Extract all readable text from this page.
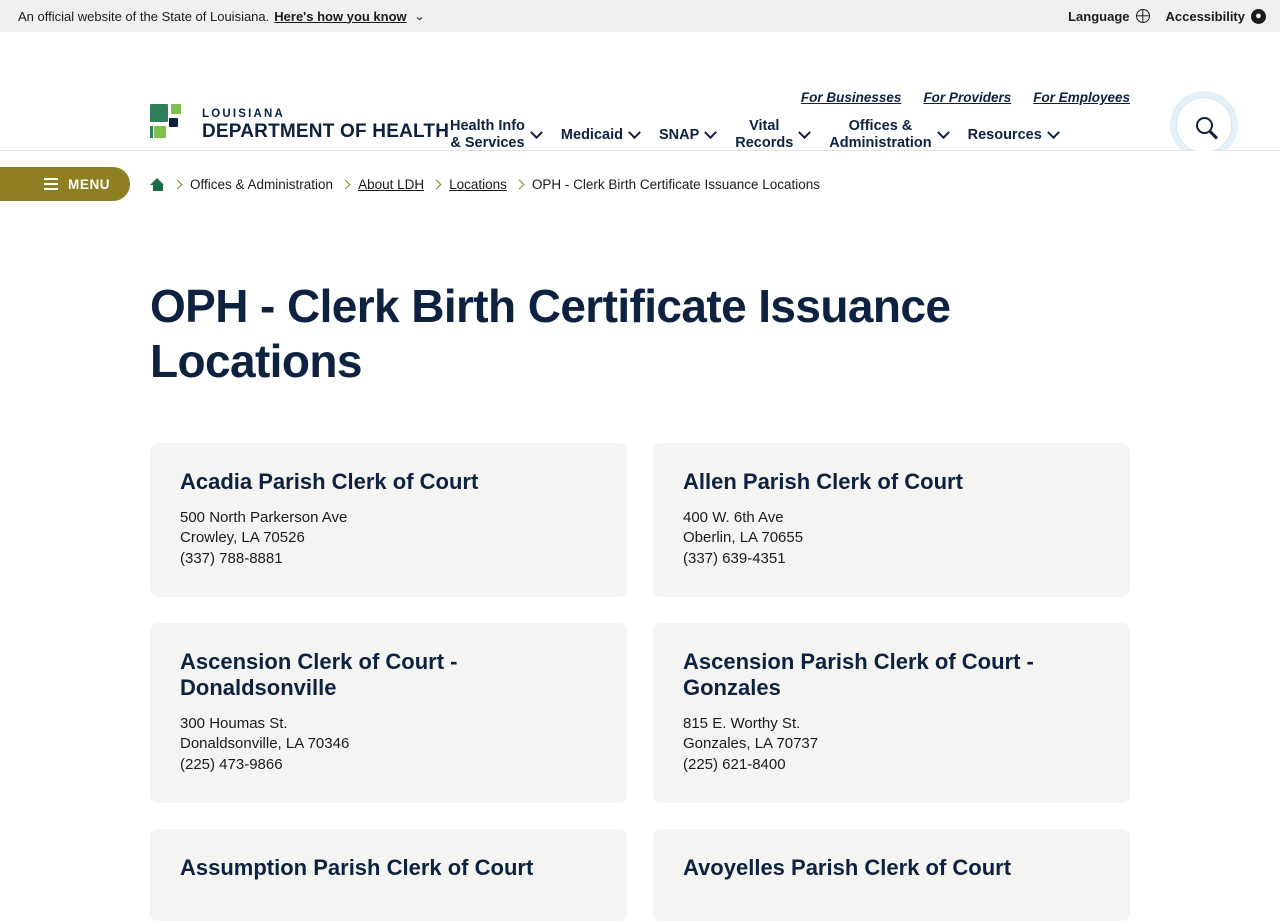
An official website of the State of Louisiana. Here's how you know ⌄	Language	Accessibility ●
LOUISIANA
DEPARTMENT OF HEALTH
For Businesses For Providers For Employees
Health Info
& Services
Medicaid SNAP
Vital
Records
Offices &
Administration
Resources
MENU	Offices & Administration About LDH Locations OPH - Clerk Birth Certificate Issuance Locations
OPH - Clerk Birth Certificate Issuance Locations
Acadia Parish Clerk of Court

500 North Parkerson Ave

Crowley, LA 70526

(337) 788-8881

Allen Parish Clerk of Court

400 W. 6th Ave

Oberlin, LA 70655

(337) 639-4351

Ascension Clerk of Court - Donaldsonville

300 Houmas St.

Donaldsonville, LA 70346

(225) 473-9866

Ascension Parish Clerk of Court - Gonzales

815 E. Worthy St.

Gonzales, LA 70737

(225) 621-8400

Assumption Parish Clerk of Court	Avoyelles Parish Clerk of Court
